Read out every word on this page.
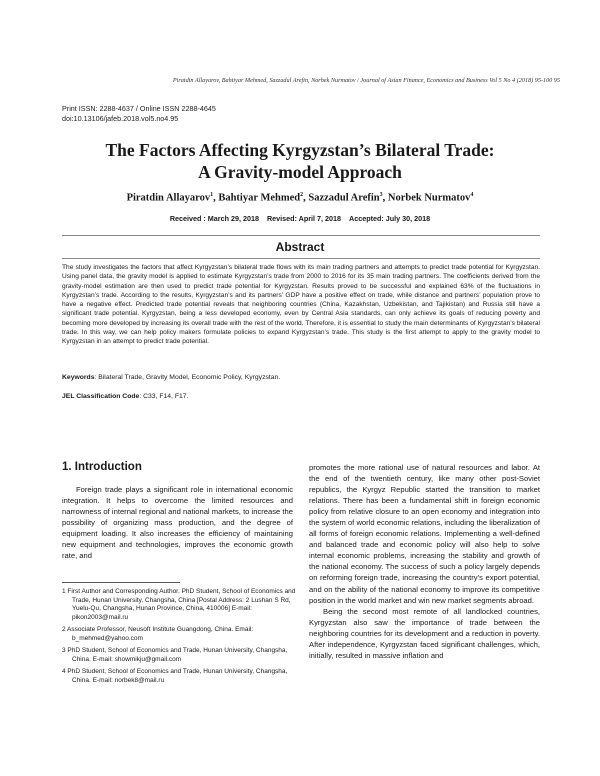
Piratdin Allayarov, Bahtiyar Mehmed, Sazzadul Arefin, Norbek Nurmatov / Journal of Asian Finance, Economics and Business Vol 5 No 4 (2018) 95-100 95
Print ISSN: 2288-4637 / Online ISSN 2288-4645
doi:10.13106/jafeb.2018.vol5.no4.95
The Factors Affecting Kyrgyzstan’s Bilateral Trade:
A Gravity-model Approach
Piratdin Allayarov$^1$, Bahtiyar Mehmed$^2$, Sazzadul Arefin$^3$, Norbek Nurmatov$^4$
Received : March 29, 2018 Revised: April 7, 2018 Accepted: July 30, 2018
Abstract
The study investigates the factors that affect Kyrgyzstan’s bilateral trade flows with its main trading partners and attempts to predict trade potential for Kyrgyzstan. Using panel data, the gravity model is applied to estimate Kyrgyzstan’s trade from 2000 to 2016 for its 35 main trading partners. The coefficients derived from the gravity-model estimation are then used to predict trade potential for Kyrgyzstan. Results proved to be successful and explained 63% of the fluctuations in Kyrgyzstan’s trade. According to the results, Kyrgyzstan’s and its partners’ GDP have a positive effect on trade, while distance and partners’ population prove to have a negative effect. Predicted trade potential reveals that neighboring countries (China, Kazakhstan, Uzbekistan, and Tajikistan) and Russia still have a significant trade potential. Kyrgyzstan, being a less developed economy, even by Central Asia standards, can only achieve its goals of reducing poverty and becoming more developed by increasing its overall trade with the rest of the world. Therefore, it is essential to study the main determinants of Kyrgyzstan’s bilateral trade. In this way, we can help policy makers formulate policies to expand Kyrgyzstan’s trade. This study is the first attempt to apply to the gravity model to Kyrgyzstan in an attempt to predict trade potential.
Keywords: Bilateral Trade, Gravity Model, Economic Policy, Kyrgyzstan.
JEL Classification Code: C33, F14, F17.
1. Introduction
Foreign trade plays a significant role in international economic integration. It helps to overcome the limited resources and narrowness of internal regional and national markets, to increase the possibility of organizing mass production, and the degree of equipment loading. It also increases the efficiency of maintaining new equipment and technologies, improves the economic growth rate, and
1 First Author and Corresponding Author. PhD Student, School of Economics and Trade, Hunan University, Changsha, China [Postal Address: 2 Lushan S Rd, Yuelu-Qu, Changsha, Hunan Province, China, 410006] E-mail: pikon2003@mail.ru
2 Associate Professor, Neusoft Institute Guangdong, China. Email: b_mehmed@yahoo.com
3 PhD Student, School of Economics and Trade, Hunan University, Changsha, China. E-mail: showmikju@gmail.com
4 PhD Student, School of Economics and Trade, Hunan University, Changsha, China. E-mail: norbek8@mail.ru

promotes the more rational use of natural resources and labor. At the end of the twentieth century, like many other post-Soviet republics, the Kyrgyz Republic started the transition to market relations. There has been a fundamental shift in foreign economic policy from relative closure to an open economy and integration into the system of world economic relations, including the liberalization of all forms of foreign economic relations. Implementing a well-defined and balanced trade and economic policy will also help to solve internal economic problems, increasing the stability and growth of the national economy. The success of such a policy largely depends on reforming foreign trade, increasing the country’s export potential, and on the ability of the national economy to improve its competitive position in the world market and win new market segments abroad.

Being the second most remote of all landlocked countries, Kyrgyzstan also saw the importance of trade between the neighboring countries for its development and a reduction in poverty. After independence, Kyrgyzstan faced significant challenges, which, initially, resulted in massive inflation and
